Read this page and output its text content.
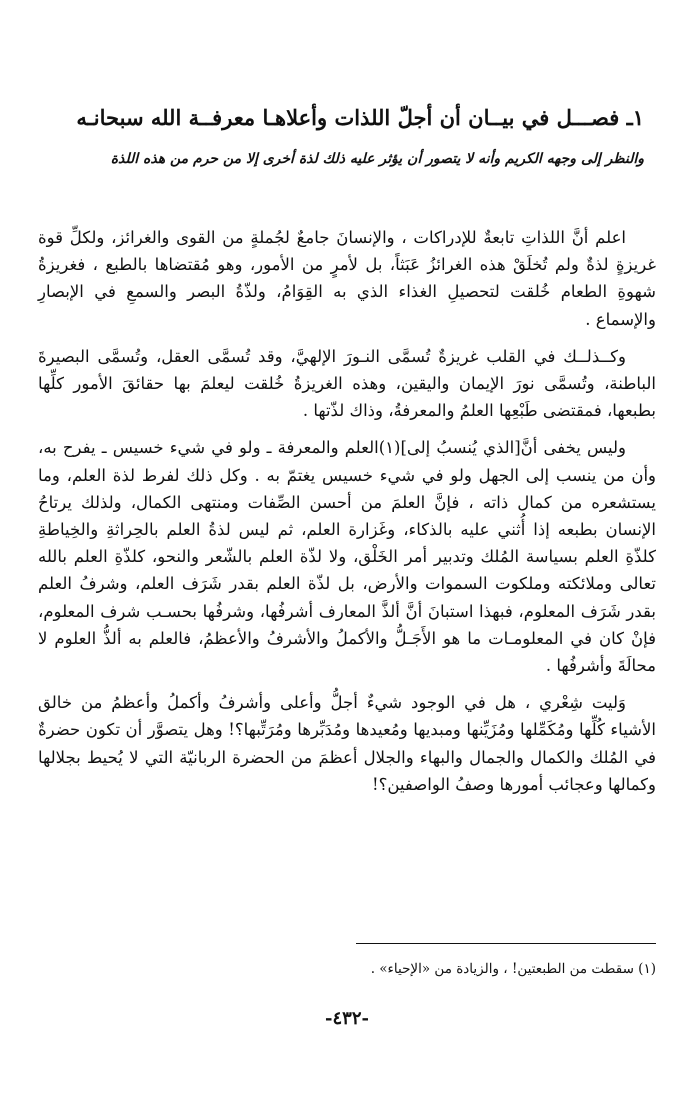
١ـ فصـــل في بيــان أن أجلّ اللذات وأعلاهـا معرفــة الله سبحانـه
والنظر إلى وجهه الكريم وأنه لا يتصور أن يؤثر عليه ذلك لذة أخرى إلا من حرم من هذه اللذة

اعلم أنَّ اللذاتِ تابعةٌ للإدراكات ، والإنسانَ جامعٌ لجُملةٍ من القوى والغرائز، ولكلِّ قوة غريزةٍ لذةٌ ولم تُخلَقْ هذه الغرائزُ عَبَثاً، بل لأمرٍ من الأمور، وهو مُقتضاها بالطبع ، فغريزةُ شهوةِ الطعام خُلقت لتحصيلِ الغذاء الذي به القِوَامُ، ولذّةُ البصر والسمعِ في الإبصارِ والإسماع .

وكــذلــك في القلب غريزةٌ تُسمَّى النـورَ الإلهيَّ، وقد تُسمَّى العقل، وتُسمَّى البصيرةَ الباطنة، وتُسمَّى نورَ الإيمان واليقين، وهذه الغريزةُ خُلقت ليعلمَ بها حقائقَ الأمور كلِّها بطبعها، فمقتضى طَبْعِها العلمُ والمعرفةُ، وذاك لذّتها .

وليس يخفى أنَّ[الذي يُنسبُ إلى](١)العلم والمعرفة ـ ولو في شيء خسيس ـ يفرح به، وأن من ينسب إلى الجهل ولو في شيء خسيس يغتمّ به . وكل ذلك لفرط لذة العلم، وما يستشعره من كمال ذاته ، فإنَّ العلمَ من أحسن الصِّفات ومنتهى الكمال، ولذلك يرتاحُ الإنسان بطبعه إذا أُثني عليه بالذكاء، وغَزارة العلم، ثم ليس لذةُ العلم بالحِراثةِ والخِياطةِ كلذّةِ العلم بسياسة المُلك وتدبير أمر الخَلْق، ولا لذّة العلم بالشّعر والنحو، كلذّةِ العلم بالله تعالى وملائكته وملكوت السموات والأرض، بل لذّة العلم بقدر شَرَف العلم، وشرفُ العلم بقدر شَرَف المعلوم، فبهذا استبانَ أنَّ ألذَّ المعارف أشرفُها، وشرفُها بحسـب شرف المعلوم، فإنْ كان في المعلومـات ما هو الأَجَـلُّ والأكملُ والأشرفُ والأعظمُ، فالعلم به ألذُّ العلوم لا محالَةَ وأشرفُها .

وَليت شِعْري ، هل في الوجود شيءٌ أجلُّ وأعلى وأشرفُ وأكملُ وأعظمُ من خالق الأشياء كُلِّها ومُكَمِّلها ومُزَيِّنها ومبديها ومُعيدها ومُدَبِّرها ومُرَتِّبها؟! وهل يتصوَّر أن تكون حضرةٌ في المُلك والكمال والجمال والبهاء والجلال أعظمَ من الحضرة الربانيّة التي لا يُحيط بجلالها وكمالها وعجائب أمورها وصفُ الواصفين؟!

(١) سقطت من الطبعتين! ، والزيادة من «الإحياء» .
-٤٣٢-
